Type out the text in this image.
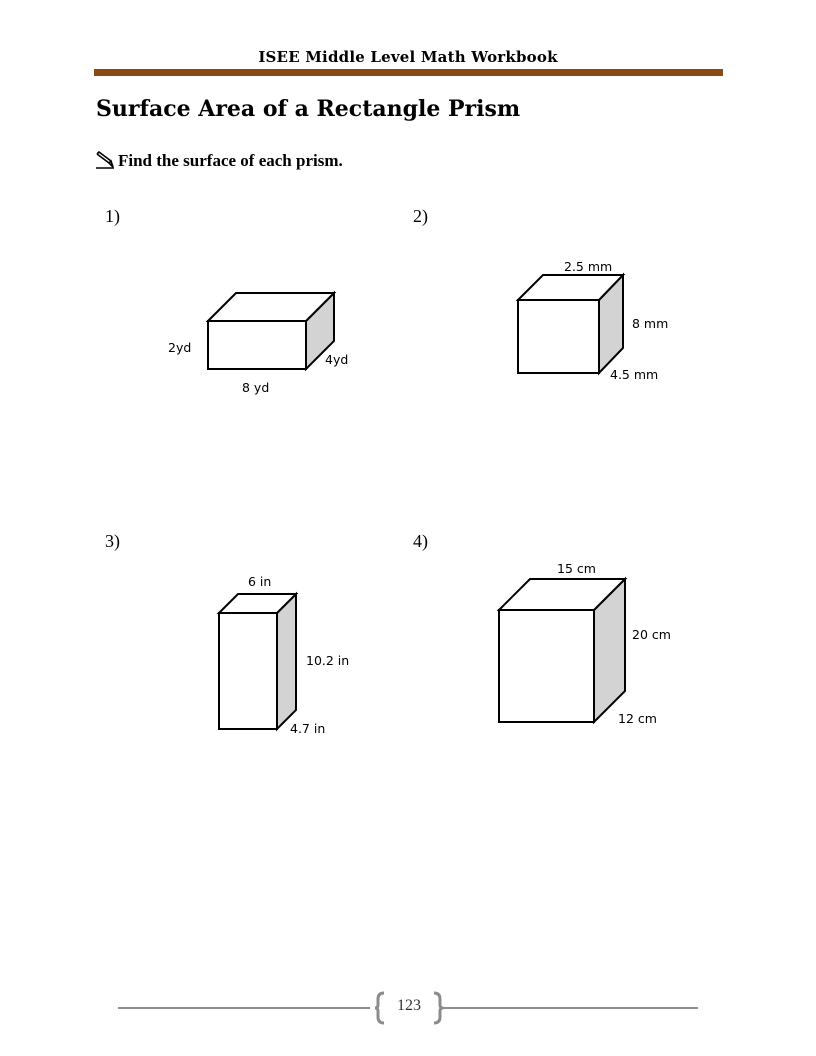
ISEE Middle Level Math Workbook
Surface Area of a Rectangle Prism
Find the surface of each prism.
1)	2)
3)	4)
2yd
4yd
8 yd
2.5 mm
8 mm
4.5 mm
6 in
10.2 in
4.7 in
15 cm
20 cm
12 cm
123
